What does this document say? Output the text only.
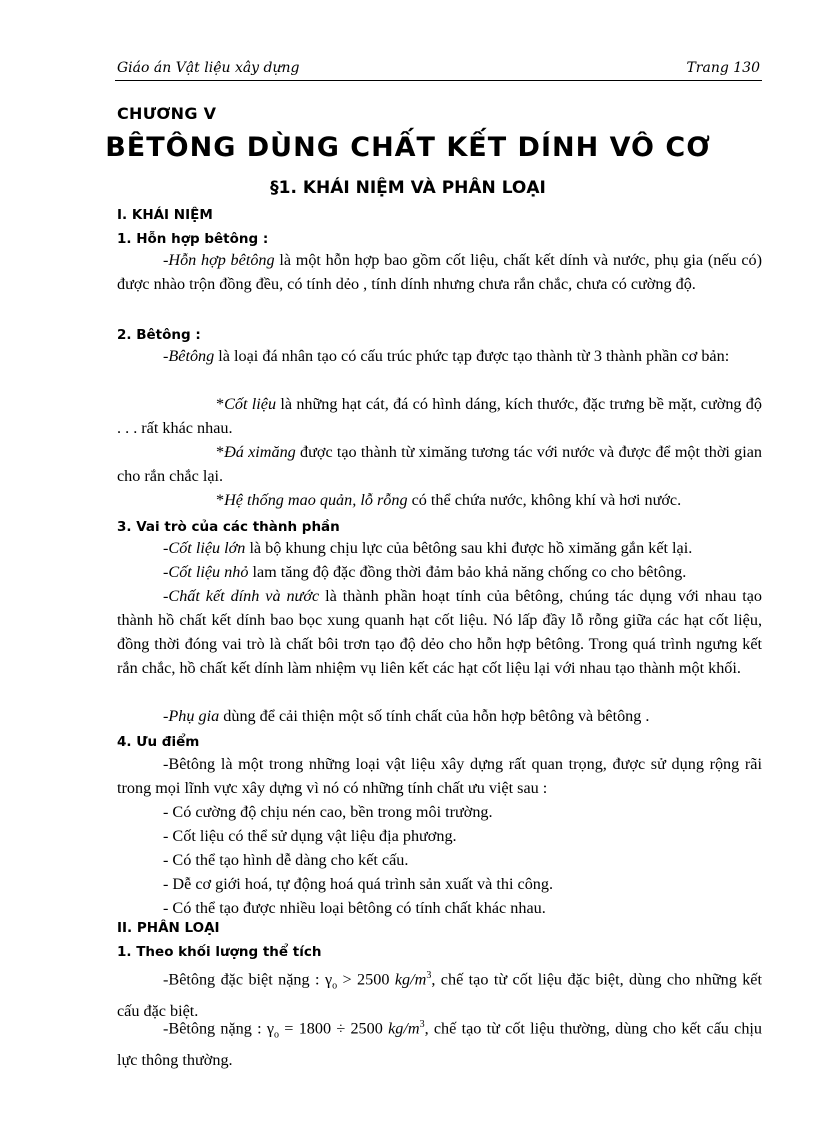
Giáo án Vật liệu xây dựng	Trang 130
CHƯƠNG V
BÊTÔNG DÙNG CHẤT KẾT DÍNH VÔ CƠ
§1. KHÁI NIỆM VÀ PHÂN LOẠI
I. KHÁI NIỆM
1. Hỗn hợp bêtông :
-Hỗn hợp bêtông là một hỗn hợp bao gồm cốt liệu, chất kết dính và nước, phụ gia (nếu có) được nhào trộn đồng đều, có tính dẻo , tính dính nhưng chưa rắn chắc, chưa có cường độ.
2. Bêtông :
-Bêtông là loại đá nhân tạo có cấu trúc phức tạp được tạo thành từ 3 thành phần cơ bản:
*Cốt liệu là những hạt cát, đá có hình dáng, kích thước, đặc trưng bề mặt, cường độ . . . rất khác nhau.
*Đá ximăng được tạo thành từ ximăng tương tác với nước và được để một thời gian cho rắn chắc lại.
*Hệ thống mao quản, lỗ rỗng có thể chứa nước, không khí và hơi nước.
3. Vai trò của các thành phần
-Cốt liệu lớn là bộ khung chịu lực của bêtông sau khi được hồ ximăng gắn kết lại.
-Cốt liệu nhỏ lam tăng độ đặc đồng thời đảm bảo khả năng chống co cho bêtông.
-Chất kết dính và nước là thành phần hoạt tính của bêtông, chúng tác dụng với nhau tạo thành hồ chất kết dính bao bọc xung quanh hạt cốt liệu. Nó lấp đầy lỗ rỗng giữa các hạt cốt liệu, đồng thời đóng vai trò là chất bôi trơn tạo độ dẻo cho hỗn hợp bêtông. Trong quá trình ngưng kết rắn chắc, hồ chất kết dính làm nhiệm vụ liên kết các hạt cốt liệu lại với nhau tạo thành một khối.
-Phụ gia dùng để cải thiện một số tính chất của hỗn hợp bêtông và bêtông .
4. Ưu điểm
-Bêtông là một trong những loại vật liệu xây dựng rất quan trọng, được sử dụng rộng rãi trong mọi lĩnh vực xây dựng vì nó có những tính chất ưu việt sau :
- Có cường độ chịu nén cao, bền trong môi trường.
- Cốt liệu có thể sử dụng vật liệu địa phương.
- Có thể tạo hình dễ dàng cho kết cấu.
- Dễ cơ giới hoá, tự động hoá quá trình sản xuất và thi công.
- Có thể tạo được nhiều loại bêtông có tính chất khác nhau.
II. PHÂN LOẠI
1. Theo khối lượng thể tích
-Bêtông đặc biệt nặng : $\gamma_o > 2500$ $kg/m^3$, chế tạo từ cốt liệu đặc biệt, dùng cho những kết cấu đặc biệt.
-Bêtông nặng : $\gamma_o = 1800 \div 2500$ $kg/m^3$, chế tạo từ cốt liệu thường, dùng cho kết cấu chịu lực thông thường.
